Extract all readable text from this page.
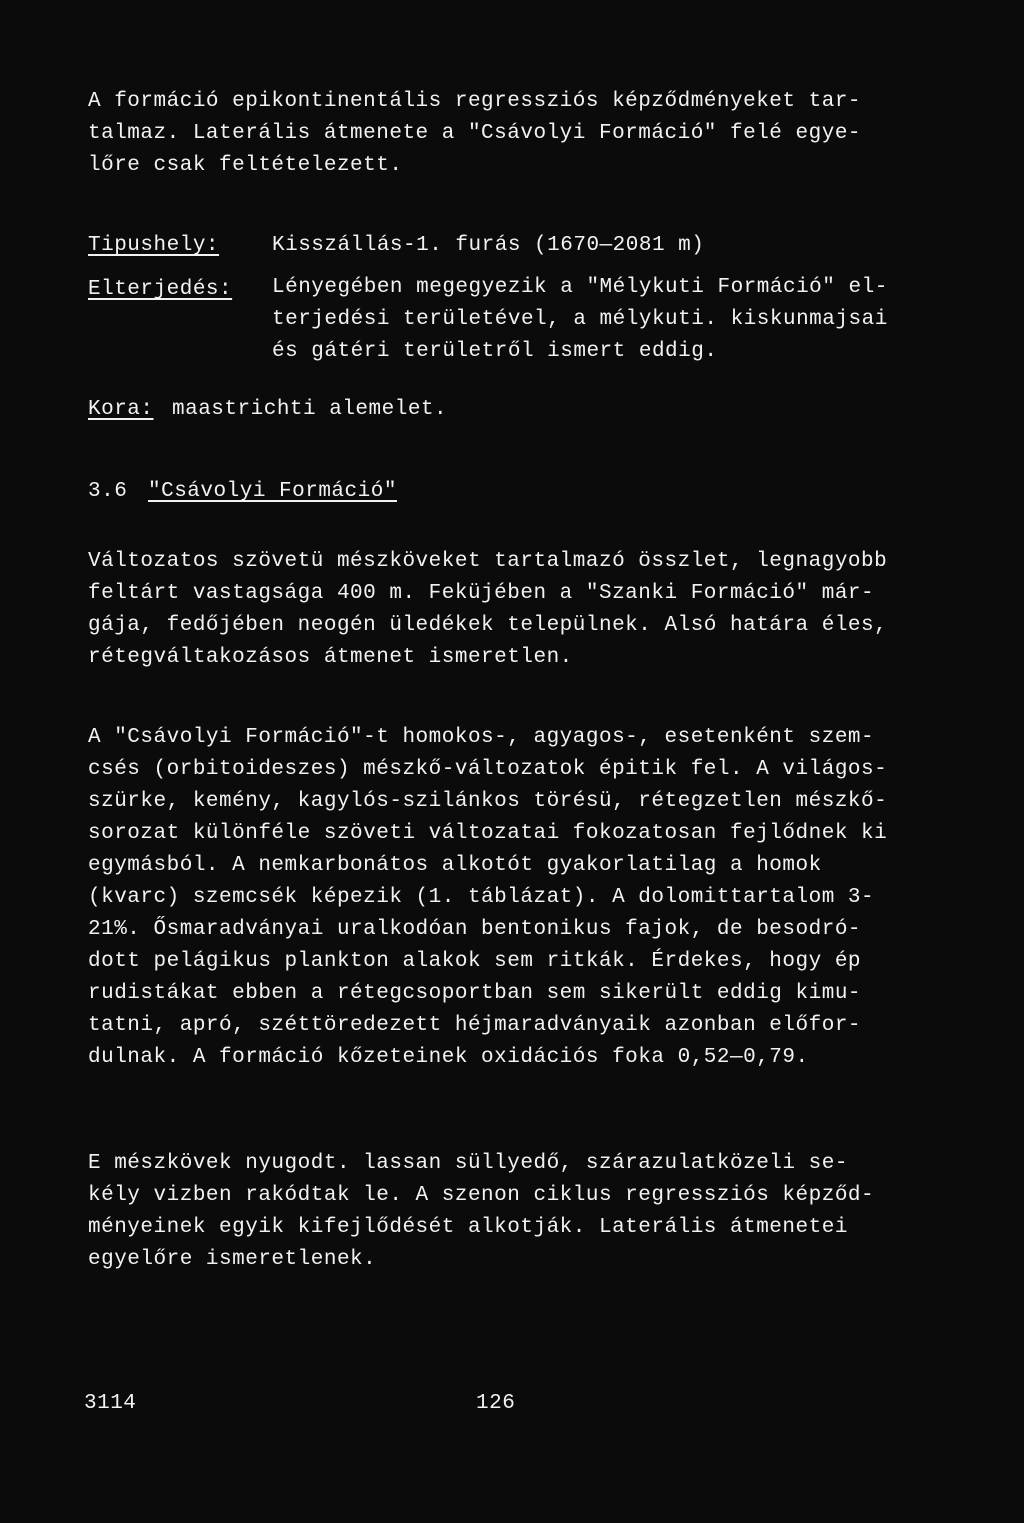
A formáció epikontinentális regressziós képződményeket tar-
talmaz. Laterális átmenete a "Csávolyi Formáció" felé egye-
lőre csak feltételezett.
Tipushely:	Kisszállás-1. furás (1670—2081 m)
Elterjedés: Lényegében megegyezik a "Mélykuti Formáció" el-
terjedési területével, a mélykuti. kiskunmajsai
és gátéri területről ismert eddig.
Kora: maastrichti alemelet.
3.6 "Csávolyi Formáció"
Változatos szövetü mészköveket tartalmazó összlet, legnagyobb
feltárt vastagsága 400 m. Feküjében a "Szanki Formáció" már-
gája, fedőjében neogén üledékek települnek. Alsó határa éles,
rétegváltakozásos átmenet ismeretlen.
A "Csávolyi Formáció"-t homokos-, agyagos-, esetenként szem-
csés (orbitoideszes) mészkő-változatok épitik fel. A világos-
szürke, kemény, kagylós-szilánkos törésü, rétegzetlen mészkő-
sorozat különféle szöveti változatai fokozatosan fejlődnek ki
egymásból. A nemkarbonátos alkotót gyakorlatilag a homok
(kvarc) szemcsék képezik (1. táblázat). A dolomittartalom 3-
21%. Ősmaradványai uralkodóan bentonikus fajok, de besodró-
dott pelágikus plankton alakok sem ritkák. Érdekes, hogy ép
rudistákat ebben a rétegcsoportban sem sikerült eddig kimu-
tatni, apró, széttöredezett héjmaradványaik azonban előfor-
dulnak. A formáció kőzeteinek oxidációs foka 0,52—0,79.
E mészkövek nyugodt. lassan süllyedő, szárazulatközeli se-
kély vizben rakódtak le. A szenon ciklus regressziós képződ-
ményeinek egyik kifejlődését alkotják. Laterális átmenetei
egyelőre ismeretlenek.
3114	126
